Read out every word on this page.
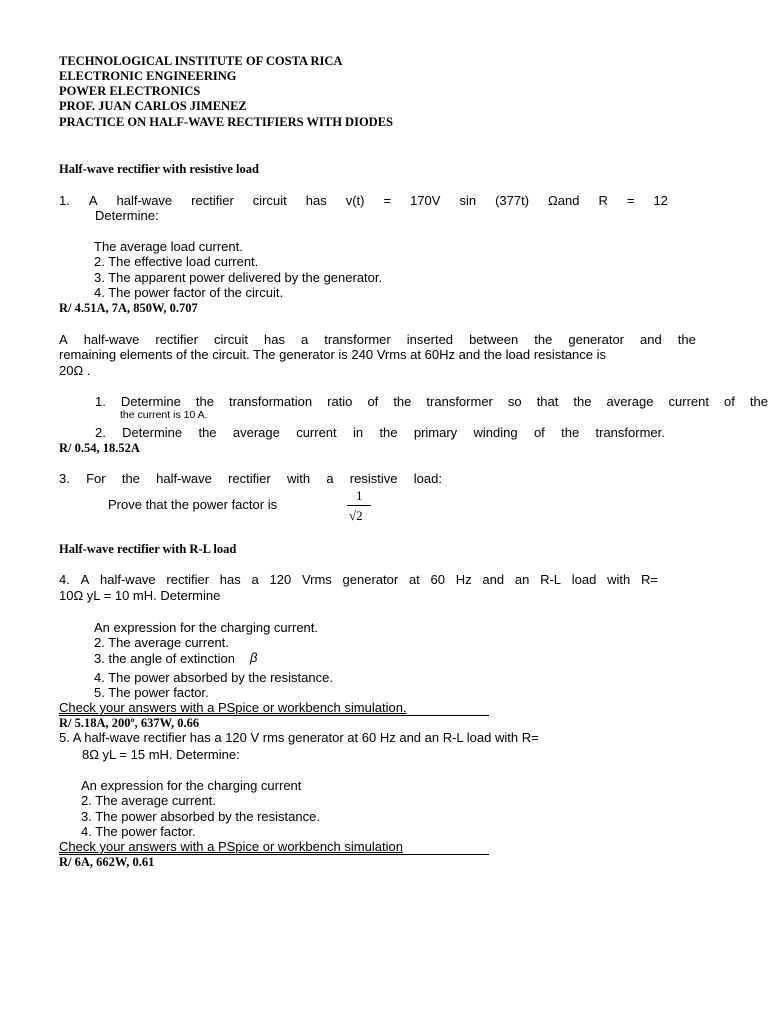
TECHNOLOGICAL INSTITUTE OF COSTA RICA
ELECTRONIC ENGINEERING
POWER ELECTRONICS
PROF. JUAN CARLOS JIMENEZ
PRACTICE ON HALF-WAVE RECTIFIERS WITH DIODES
Half-wave rectifier with resistive load
1. A half-wave rectifier circuit has v(t) = 170V sin (377t) Ωand R = 12
Determine:
The average load current.
2. The effective load current.
3. The apparent power delivered by the generator.
4. The power factor of the circuit.
R/ 4.51A, 7A, 850W, 0.707
A half-wave rectifier circuit has a transformer inserted between the generator and the
remaining elements of the circuit. The generator is 240 Vrms at 60Hz and the load resistance is
20Ω .
1. Determine the transformation ratio of the transformer so that the average current of the
the current is 10 A.
2. Determine the average current in the primary winding of the transformer.
R/ 0.54, 18.52A
3. For the half-wave rectifier with a resistive load:
Prove that the power factor is
1
√2
Half-wave rectifier with R-L load
4. A half-wave rectifier has a 120 Vrms generator at 60 Hz and an R-L load with R=
10Ω yL = 10 mH. Determine
An expression for the charging current.
2. The average current.
3. the angle of extinction β
4. The power absorbed by the resistance.
5. The power factor.
Check your answers with a PSpice or workbench simulation.
R/ 5.18A, 200º, 637W, 0.66
5. A half-wave rectifier has a 120 V rms generator at 60 Hz and an R-L load with R=
8Ω yL = 15 mH. Determine:
An expression for the charging current
2. The average current.
3. The power absorbed by the resistance.
4. The power factor.
Check your answers with a PSpice or workbench simulation
R/ 6A, 662W, 0.61
